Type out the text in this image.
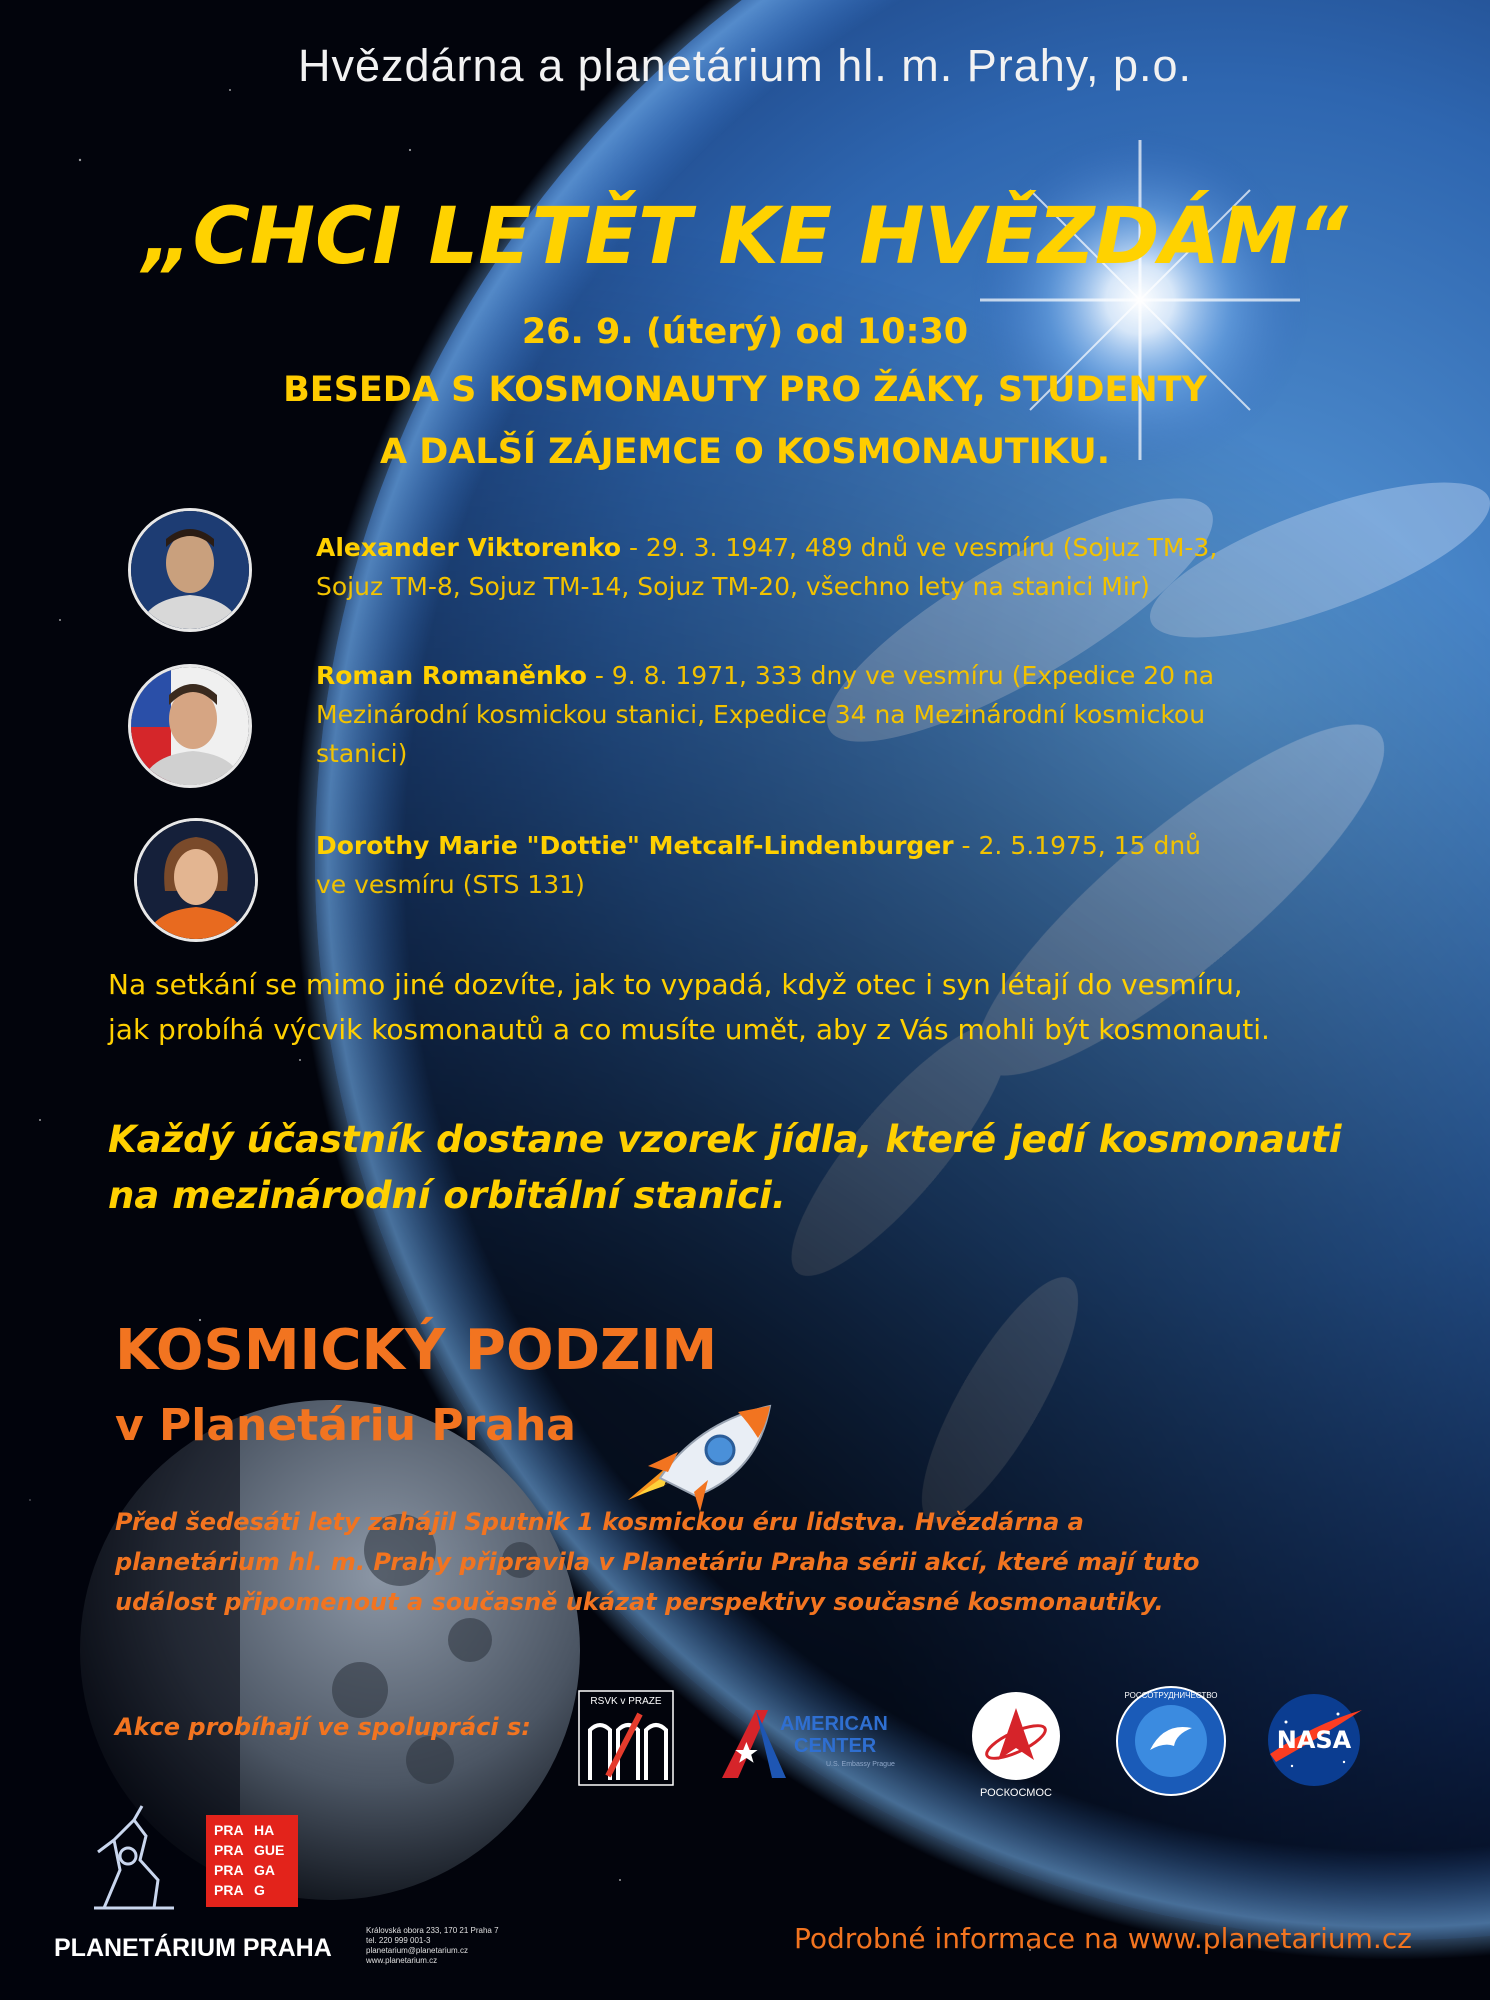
Hvězdárna a planetárium hl. m. Prahy, p.o.
„CHCI LETĚT KE HVĚZDÁM“
26. 9. (úterý) od 10:30
BESEDA S KOSMONAUTY PRO ŽÁKY, STUDENTY
A DALŠÍ ZÁJEMCE O KOSMONAUTIKU.
Alexander Viktorenko - 29. 3. 1947, 489 dnů ve vesmíru (Sojuz TM-3,
Sojuz TM-8, Sojuz TM-14, Sojuz TM-20, všechno lety na stanici Mir)
Roman Romaněnko - 9. 8. 1971, 333 dny ve vesmíru (Expedice 20 na
Mezinárodní kosmickou stanici, Expedice 34 na Mezinárodní kosmickou
stanici)
Dorothy Marie "Dottie" Metcalf-Lindenburger - 2. 5.1975, 15 dnů
ve vesmíru (STS 131)
Na setkání se mimo jiné dozvíte, jak to vypadá, když otec i syn létají do vesmíru,
jak probíhá výcvik kosmonautů a co musíte umět, aby z Vás mohli být kosmonauti.
Každý účastník dostane vzorek jídla, které jedí kosmonauti
na mezinárodní orbitální stanici.
KOSMICKÝ PODZIM
v Planetáriu Praha
Před šedesáti lety zahájil Sputnik 1 kosmickou éru lidstva. Hvězdárna a
planetárium hl. m. Prahy připravila v Planetáriu Praha sérii akcí, které mají tuto
událost připomenout a současně ukázat perspektivy současné kosmonautiky.
Akce probíhají ve spolupráci s:
RSVK v PRAZE
AMERICAN
CENTER
U.S. Embassy Prague
РОСКОСМОС
РОССОТРУДНИЧЕСТВО
NASA
PRA HA
PRA GUE
PRA GA
PRA G
PLANETÁRIUM PRAHA
Královská obora 233, 170 21 Praha 7
tel. 220 999 001-3
planetarium@planetarium.cz
www.planetarium.cz
Podrobné informace na www.planetarium.cz
